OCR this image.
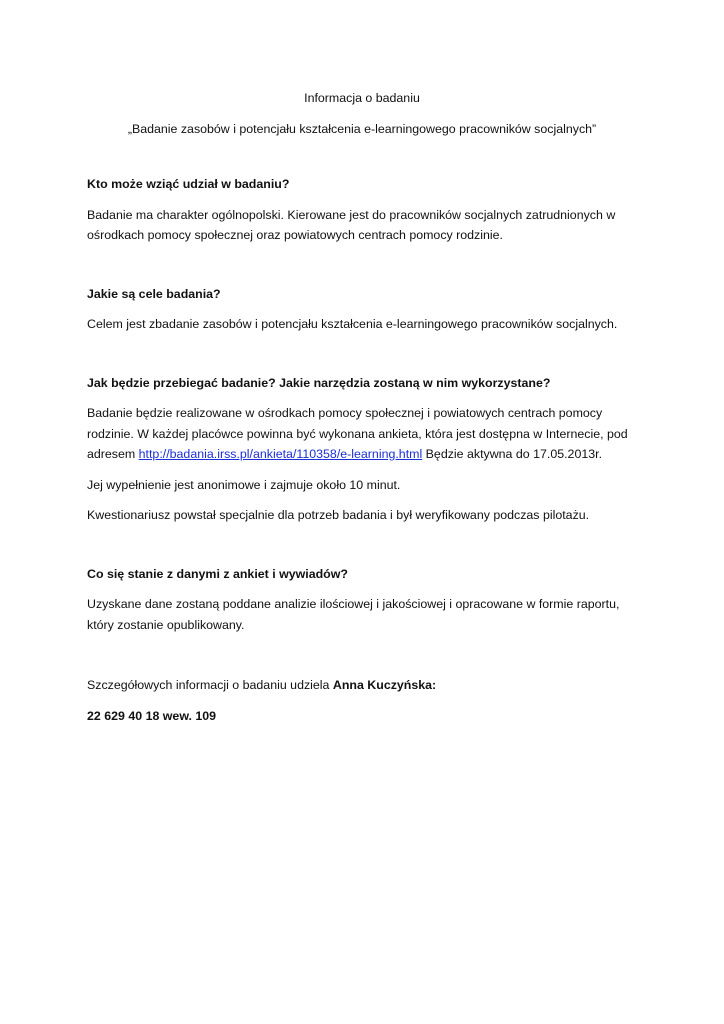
Informacja o badaniu

„Badanie zasobów i potencjału kształcenia e-learningowego pracowników socjalnych”

Kto może wziąć udział w badaniu?

Badanie ma charakter ogólnopolski. Kierowane jest do pracowników socjalnych zatrudnionych w ośrodkach pomocy społecznej oraz powiatowych centrach pomocy rodzinie.

Jakie są cele badania?

Celem jest zbadanie zasobów i potencjału kształcenia e-learningowego pracowników socjalnych.

Jak będzie przebiegać badanie? Jakie narzędzia zostaną w nim wykorzystane?

Badanie będzie realizowane w ośrodkach pomocy społecznej i powiatowych centrach pomocy rodzinie. W każdej placówce powinna być wykonana ankieta, która jest dostępna w Internecie, pod adresem http://badania.irss.pl/ankieta/110358/e-learning.html Będzie aktywna do 17.05.2013r.

Jej wypełnienie jest anonimowe i zajmuje około 10 minut.

Kwestionariusz powstał specjalnie dla potrzeb badania i był weryfikowany podczas pilotażu.

Co się stanie z danymi z ankiet i wywiadów?

Uzyskane dane zostaną poddane analizie ilościowej i jakościowej i opracowane w formie raportu, który zostanie opublikowany.

Szczegółowych informacji o badaniu udziela Anna Kuczyńska:

22 629 40 18 wew. 109
